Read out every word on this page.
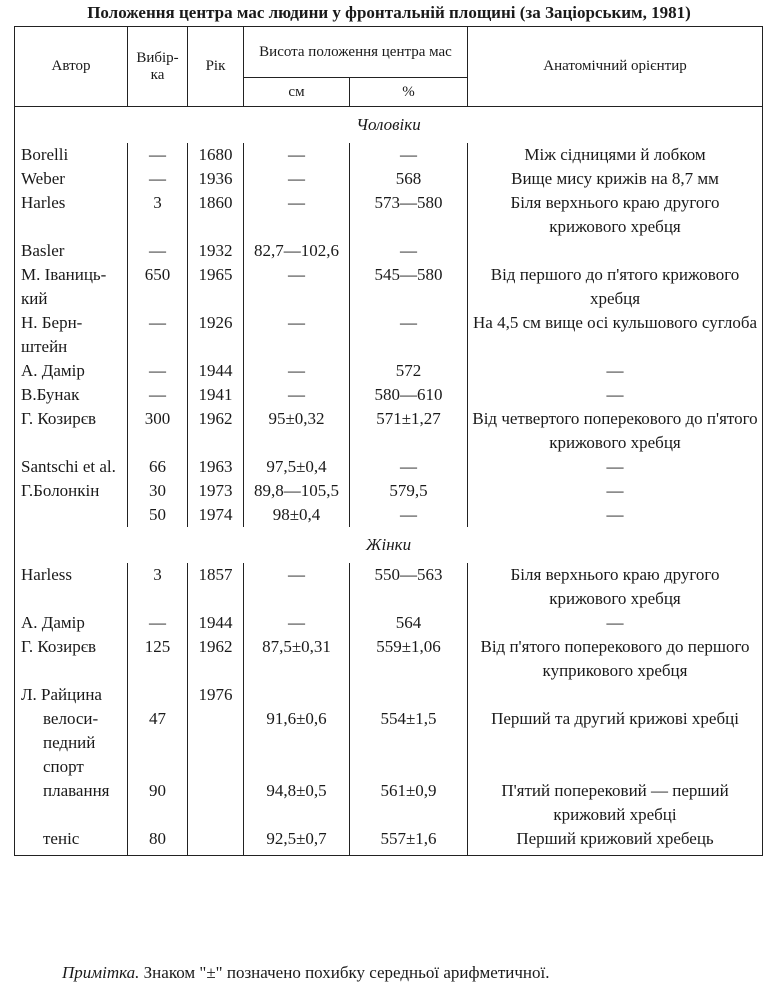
Положення центра мас людини у фронтальній площині (за Заціорським, 1981)
Автор	Вибір-ка	Рік	Висота положення центра мас		Анатомічний орієнтир
			см	%	
Чоловіки					
Borelli	—	1680	—	—	Між сідницями й лобком
Weber	—	1936	—	568	Вище мису крижів на 8,7 мм
Harles	3	1860	—	573—580	Біля верхнього краю другого крижового хребця
Basler	—	1932	82,7—102,6	—	
М. Іваниць-кий	650	1965	—	545—580	Від першого до п'ятого крижового хребця
Н. Берн-штейн	—	1926	—	—	На 4,5 см вище осі кульшового суглоба
А. Дамір	—	1944	—	572	—
В.Бунак	—	1941	—	580—610	—
Г. Козирєв	300	1962	95±0,32	571±1,27	Від четвертого поперекового до п'ятого крижового хребця
Santschi et al.	66	1963	97,5±0,4	—	—
Г.Болонкін	30	1973	89,8—105,5	579,5	—
	50	1974	98±0,4	—	—
Жінки					
Harless	3	1857	—	550—563	Біля верхнього краю другого крижового хребця
А. Дамір	—	1944	—	564	—
Г. Козирєв	125	1962	87,5±0,31	559±1,06	Від п'ятого поперекового до першого куприкового хребця
Л. Райцина		1976			
велоси-педний спорт	47		91,6±0,6	554±1,5	Перший та другий крижові хребці
плавання	90		94,8±0,5	561±0,9	П'ятий поперековий — перший крижовий хребці
теніс	80		92,5±0,7	557±1,6	Перший крижовий хребець
Примітка. Знаком "±" позначено похибку середньої арифметичної.
